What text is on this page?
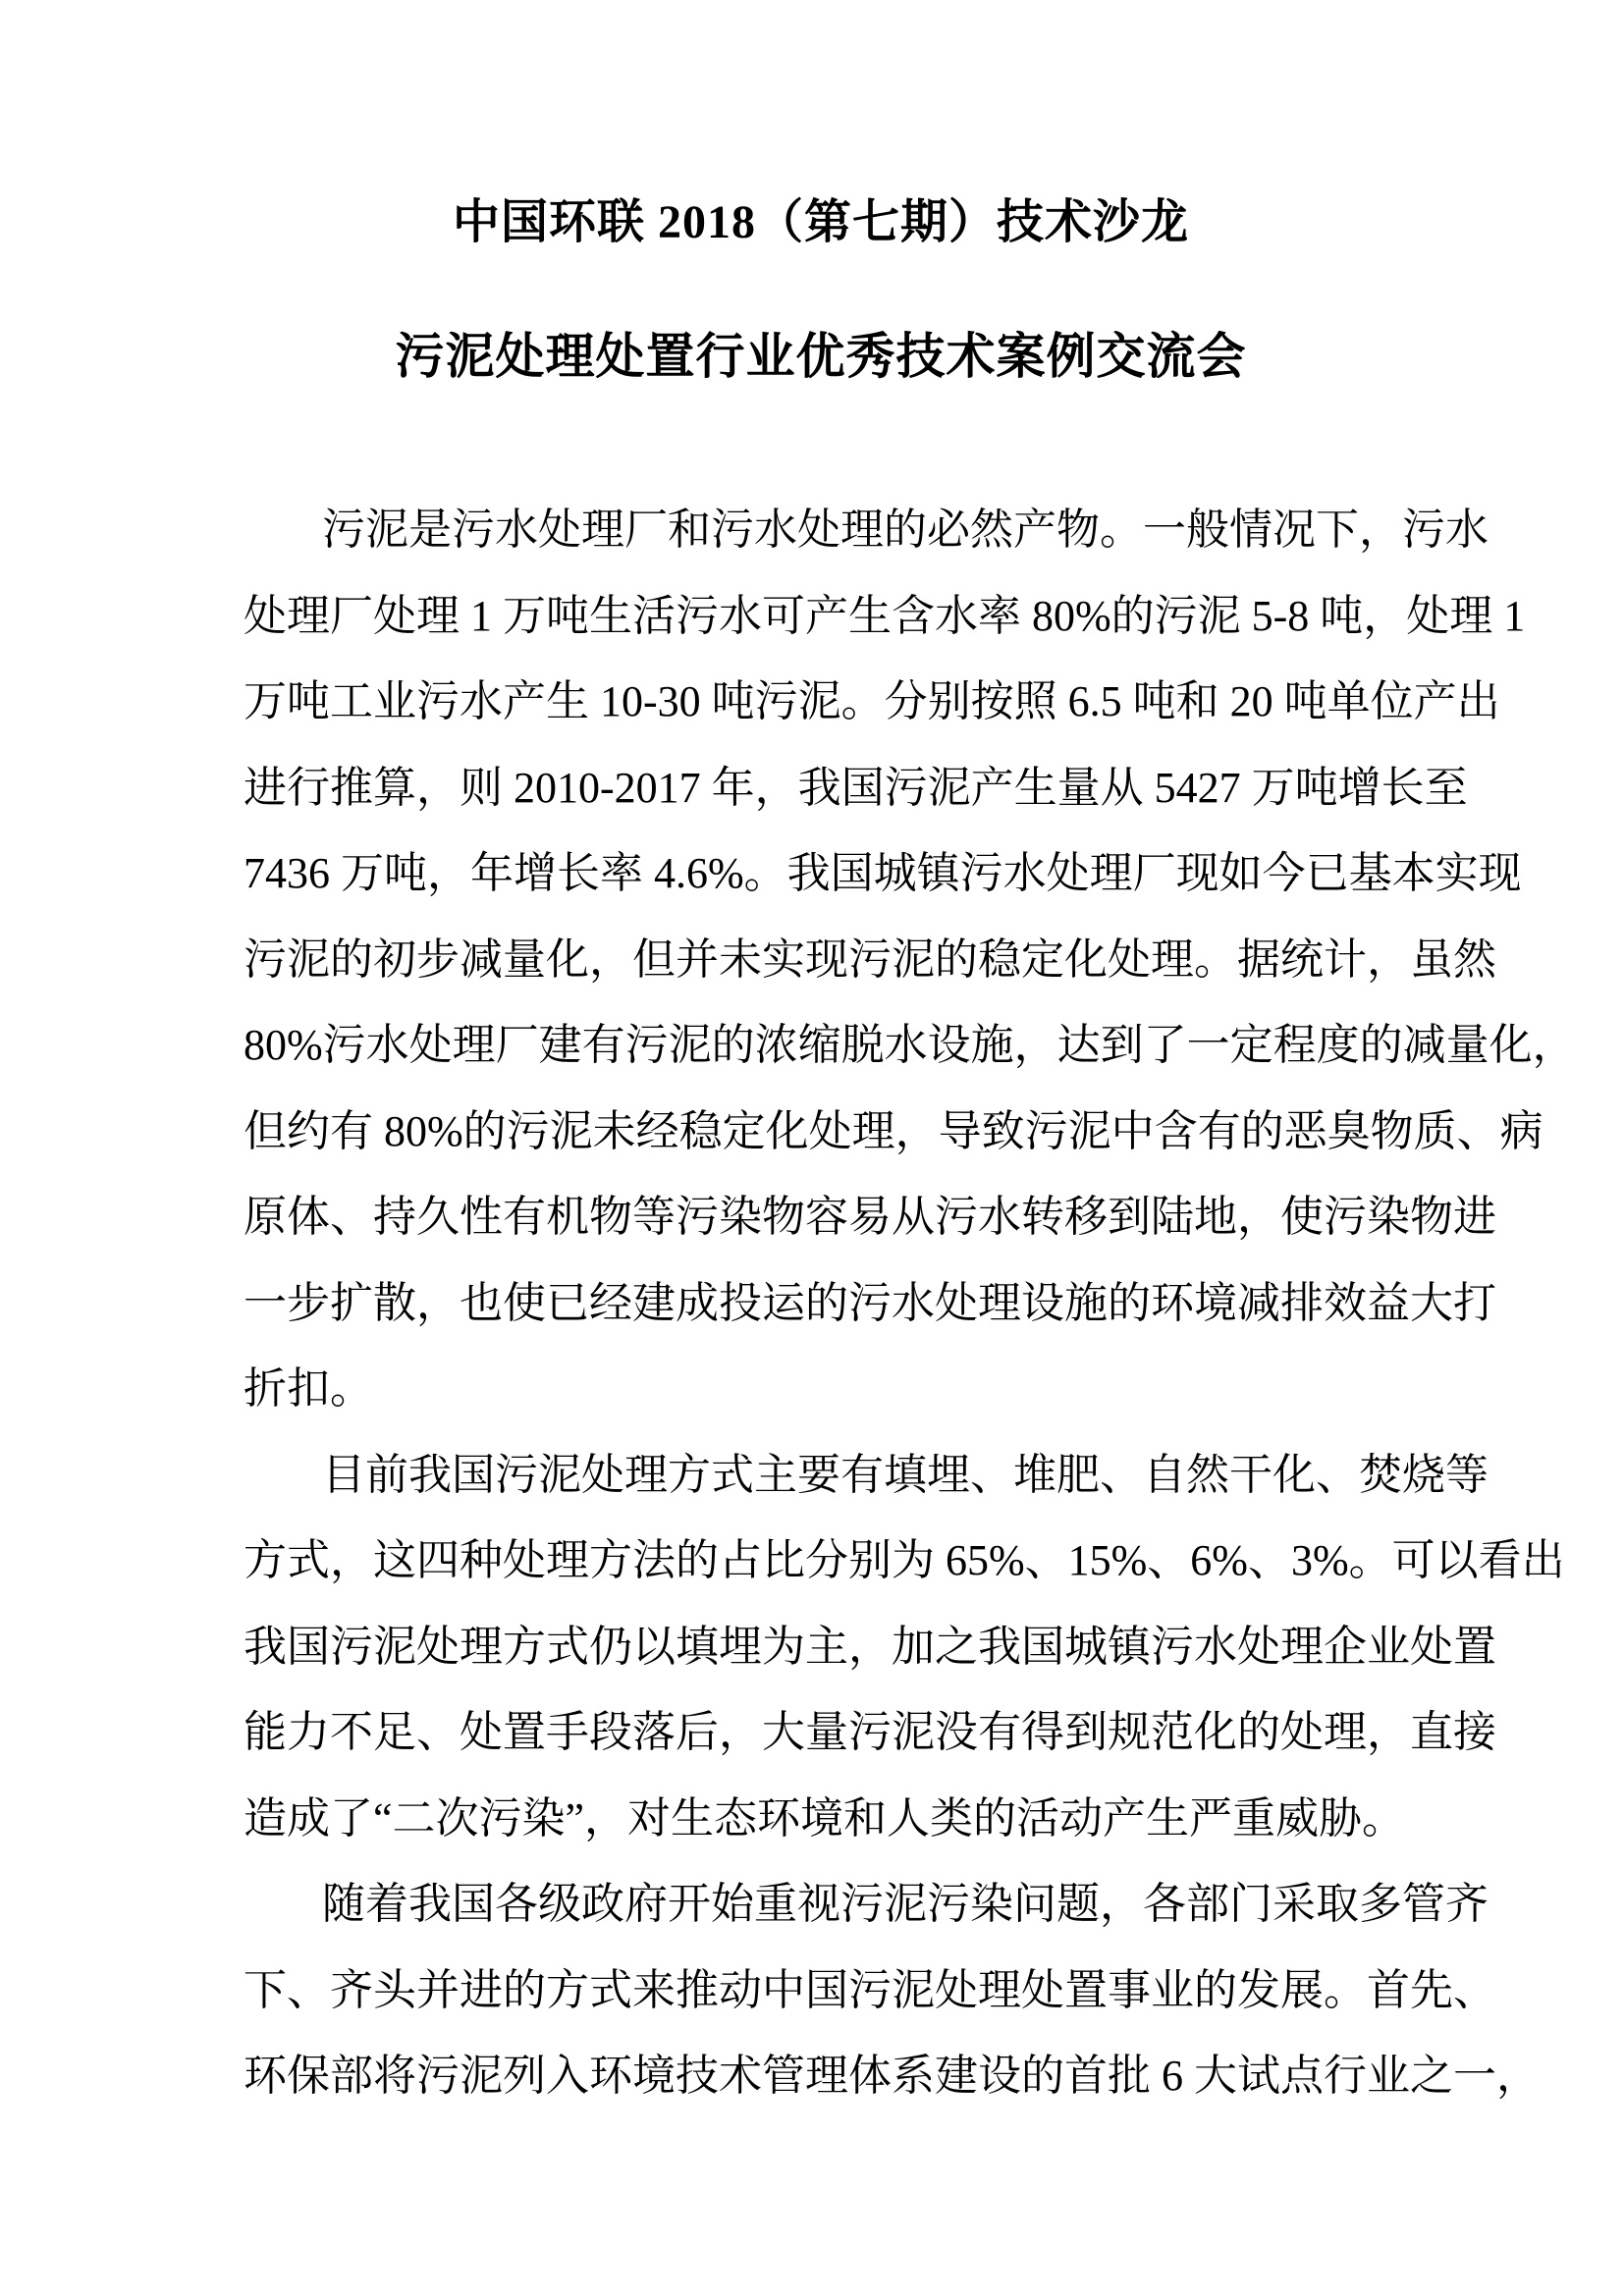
中国环联 2018（第七期）技术沙龙
污泥处理处置行业优秀技术案例交流会
污泥是污水处理厂和污水处理的必然产物。一般情况下，污水
处理厂处理 1 万吨生活污水可产生含水率 80%的污泥 5-8 吨，处理 1
万吨工业污水产生 10-30 吨污泥。分别按照 6.5 吨和 20 吨单位产出
进行推算，则 2010-2017 年，我国污泥产生量从 5427 万吨增长至
7436 万吨，年增长率 4.6%。我国城镇污水处理厂现如今已基本实现
污泥的初步减量化，但并未实现污泥的稳定化处理。据统计，虽然
80%污水处理厂建有污泥的浓缩脱水设施，达到了一定程度的减量化，
但约有 80%的污泥未经稳定化处理，导致污泥中含有的恶臭物质、病
原体、持久性有机物等污染物容易从污水转移到陆地，使污染物进
一步扩散，也使已经建成投运的污水处理设施的环境减排效益大打
折扣。
目前我国污泥处理方式主要有填埋、堆肥、自然干化、焚烧等
方式，这四种处理方法的占比分别为 65%、15%、6%、3%。可以看出
我国污泥处理方式仍以填埋为主，加之我国城镇污水处理企业处置
能力不足、处置手段落后，大量污泥没有得到规范化的处理，直接
造成了“二次污染”，对生态环境和人类的活动产生严重威胁。
随着我国各级政府开始重视污泥污染问题，各部门采取多管齐
下、齐头并进的方式来推动中国污泥处理处置事业的发展。首先、
环保部将污泥列入环境技术管理体系建设的首批 6 大试点行业之一，
